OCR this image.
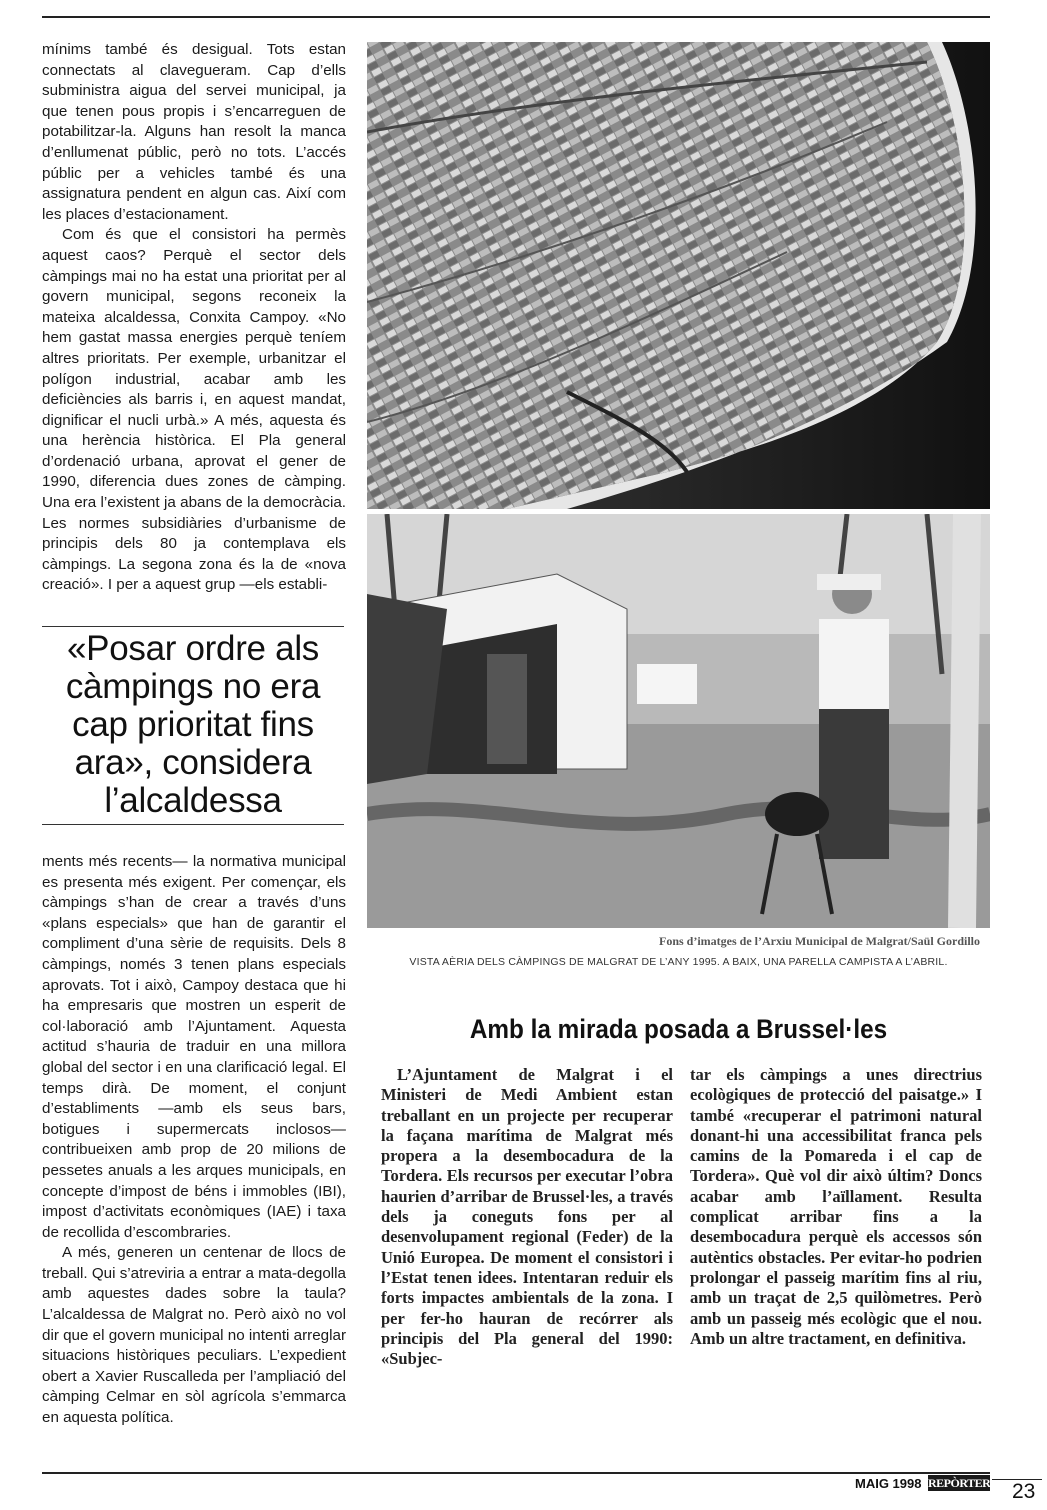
mínims també és desigual. Tots estan connectats al clavegueram. Cap d’ells subministra aigua del servei municipal, ja que tenen pous propis i s’encarreguen de potabilitzar-la. Alguns han resolt la manca d’enllumenat públic, però no tots. L’accés públic per a vehicles també és una assignatura pendent en algun cas. Així com les places d’estacionament.

Com és que el consistori ha permès aquest caos? Perquè el sector dels càmpings mai no ha estat una prioritat per al govern municipal, segons reconeix la mateixa alcaldessa, Conxita Campoy. «No hem gastat massa energies perquè teníem altres prioritats. Per exemple, urbanitzar el polígon industrial, acabar amb les deficiències als barris i, en aquest mandat, dignificar el nucli urbà.» A més, aquesta és una herència històrica. El Pla general d’ordenació urbana, aprovat el gener de 1990, diferencia dues zones de càmping. Una era l’existent ja abans de la democràcia. Les normes subsidiàries d’urbanisme de principis dels 80 ja contemplava els càmpings. La segona zona és la de «nova creació». I per a aquest grup —els establi-

«Posar ordre als càmpings no era cap prioritat fins ara», considera l’alcaldessa

ments més recents— la normativa municipal es presenta més exigent. Per començar, els càmpings s’han de crear a través d’uns «plans especials» que han de garantir el compliment d’una sèrie de requisits. Dels 8 càmpings, només 3 tenen plans especials aprovats. Tot i això, Campoy destaca que hi ha empresaris que mostren un esperit de col·laboració amb l’Ajuntament. Aquesta actitud s’hauria de traduir en una millora global del sector i en una clarificació legal. El temps dirà. De moment, el conjunt d’establiments —amb els seus bars, botigues i supermercats inclosos— contribueixen amb prop de 20 milions de pessetes anuals a les arques municipals, en concepte d’impost de béns i immobles (IBI), impost d’activitats econòmiques (IAE) i taxa de recollida d’escombraries.

A més, generen un centenar de llocs de treball. Qui s’atreviria a entrar a mata-degolla amb aquestes dades sobre la taula? L’alcaldessa de Malgrat no. Però això no vol dir que el govern municipal no intenti arreglar situacions històriques peculiars. L’expedient obert a Xavier Ruscalleda per l’ampliació del càmping Celmar en sòl agrícola s’emmarca en aquesta política.

Fons d’imatges de l’Arxiu Municipal de Malgrat/Saül Gordillo
VISTA AÈRIA DELS CÀMPINGS DE MALGRAT DE L’ANY 1995. A BAIX, UNA PARELLA CAMPISTA A L’ABRIL.
Amb la mirada posada a Brussel·les
L’Ajuntament de Malgrat i el Ministeri de Medi Ambient estan treballant en un projecte per recuperar la façana marítima de Malgrat més propera a la desembocadura de la Tordera. Els recursos per executar l’obra haurien d’arribar de Brussel·les, a través dels ja coneguts fons per al desenvolupament regional (Feder) de la Unió Europea. De moment el consistori i l’Estat tenen idees. Intentaran reduir els forts impactes ambientals de la zona. I per fer-ho hauran de recórrer als principis del Pla general del 1990: «Subjec-
tar els càmpings a unes directrius ecològiques de protecció del paisatge.» I també «recuperar el patrimoni natural donant-hi una accessibilitat franca pels camins de la Pomareda i el cap de Tordera». Què vol dir això últim? Doncs acabar amb l’aïllament. Resulta complicat arribar fins a la desembocadura perquè els accessos són autèntics obstacles. Per evitar-ho podrien prolongar el passeig marítim fins al riu, amb un traçat de 2,5 quilòmetres. Però amb un passeig més ecològic que el nou. Amb un altre tractament, en definitiva.
MAIG 1998 REPÒRTER 23
